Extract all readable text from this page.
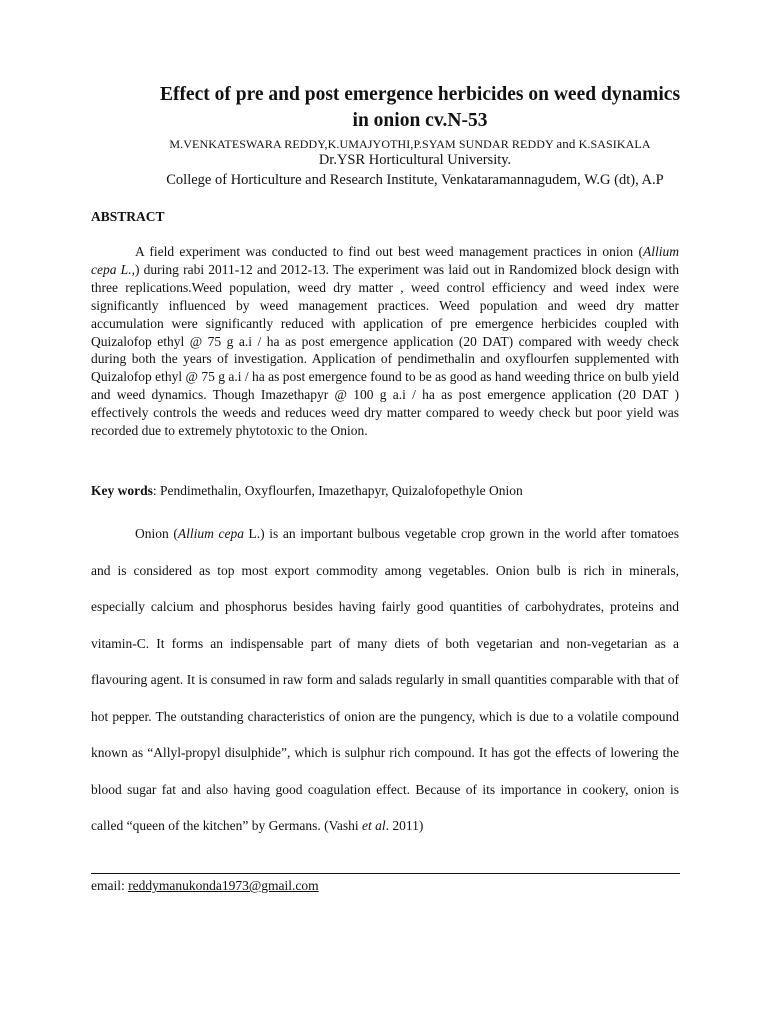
Effect of pre and post emergence herbicides on weed dynamics
in onion cv.N-53
M.VENKATESWARA REDDY,K.UMAJYOTHI,P.SYAM SUNDAR REDDY and K.SASIKALA
Dr.YSR Horticultural University.
College of Horticulture and Research Institute, Venkataramannagudem, W.G (dt), A.P
ABSTRACT

A field experiment was conducted to find out best weed management practices in onion (Allium cepa L.,) during rabi 2011-12 and 2012-13. The experiment was laid out in Randomized block design with three replications.Weed population, weed dry matter , weed control efficiency and weed index were significantly influenced by weed management practices. Weed population and weed dry matter accumulation were significantly reduced with application of pre emergence herbicides coupled with Quizalofop ethyl @ 75 g a.i / ha as post emergence application (20 DAT) compared with weedy check during both the years of investigation. Application of pendimethalin and oxyflourfen supplemented with Quizalofop ethyl @ 75 g a.i / ha as post emergence found to be as good as hand weeding thrice on bulb yield and weed dynamics. Though Imazethapyr @ 100 g a.i / ha as post emergence application (20 DAT ) effectively controls the weeds and reduces weed dry matter compared to weedy check but poor yield was recorded due to extremely phytotoxic to the Onion.

Key words: Pendimethalin, Oxyflourfen, Imazethapyr, Quizalofopethyle Onion

Onion (Allium cepa L.) is an important bulbous vegetable crop grown in the world after tomatoes and is considered as top most export commodity among vegetables. Onion bulb is rich in minerals, especially calcium and phosphorus besides having fairly good quantities of carbohydrates, proteins and vitamin-C. It forms an indispensable part of many diets of both vegetarian and non-vegetarian as a flavouring agent. It is consumed in raw form and salads regularly in small quantities comparable with that of hot pepper. The outstanding characteristics of onion are the pungency, which is due to a volatile compound known as “Allyl-propyl disulphide”, which is sulphur rich compound. It has got the effects of lowering the blood sugar fat and also having good coagulation effect. Because of its importance in cookery, onion is called “queen of the kitchen” by Germans. (Vashi et al. 2011)

email: reddymanukonda1973@gmail.com
